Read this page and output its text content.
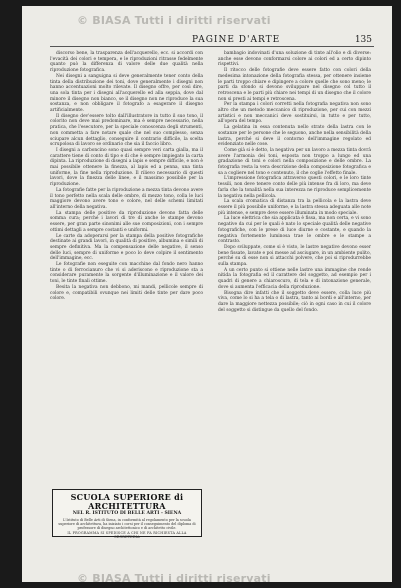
© BIASA Tutti i diritti riservati
PAGINE D'ARTE	135

discorso bene, la trasparenza dell'acquerello, ecc. si accordi con l'evacità dei colori e tempera, e le riproduzioni ritrasse fedelmente quanto può la differenza di valore delle due qualità nella riproduzione fotografica.

Nei disegni a sanguigna si deve generalmente tener conto della tinta della distribuzione dei toni, dove generalmente i disegni non hanno accentuazioni molto rilevate. Il disegno offre, per così dire, una sola tinta per i disegni all'acquerello ed alla seppia, dove dal minore il disegno non bianco, se il disegno non ne riproduce la sua sostanza, e non obbligare il fotografo a esagerare il disegno artificialmente.

Il disegno dev'essere tolto dall'illustratore in tutto il suo tono, il colorito non deve mai predominare, ma è sempre necessario, nella pratica, che l'esecutore, per la speciale conoscenza degli strumenti, non commetta a fare notare quale che nel suo complesso, senza sciupare alcun dettaglio, conseguire il contrario difficile, la scelta scrupolosa di lavoro se ordinario che sia il faccio libro.

I disegni a carboncino sono quasi sempre veri carta gialla, ma il carattere tiene di conto di tipo e di che è sempre impiegato la carta dipinta. La riproduzione di disegni a lapis e sempre difficile, e non è mai possibile ottenere la finezza, al lapis ed a penna, una tinta uniforme, la fine nella riproduzione. Il rilievo necessario di questi lavori, dove la finezza delle linee, e il massimo possibile per la riproduzione.

La fotografie fatte per la riproduzione a mezza tinta devono avere il tono perfetto nella scala delle ombre, di mezzo tono, colla le luci maggiore devono avere tono e colore, nel delle schemi limitati all'interno della negativa.

La stampa delle positive da riproduzione devono fatta delle somma cura; perché i lavori di tre di anche le stampe devono essere, per gran parte sinonimi alle sue composizioni, con i sempre ottimi dettagli a sempre costanti e uniformi.

Le carte da adoperarsi per la stampa della positive fotografiche destinate ai grandi lavori, in qualità di positive, albumina e simili di sempre definitiva. Ma la compensazione delle negative, il senso delle luci, sempre di uniforme e poco lo deve colpire il sentimento dell'immagine, ecc.

Le fotografie non eseguite con macchine dal fondo nero hanno tinte o di ferrocianuro che vi si aderiscono e riproduzione sta a considerare puramente la sorgente d'illuminazione e il valore dei toni, le tinte finali ottime.

Besita la negativa non debbono, mi mandi, pellicole sempre di colore e, compatibili ovunque nei limiti delle tinte per dare poco colore.

SCUOLA SUPERIORE di ARCHITETTURA
NEL R. ISTITUTO DI BELLE ARTI - SIENA
L'Istituto di Belle Arti di Siena, in conformità al regolamento per la scuola superiore di architettura, ha iniziato i corsi per il conseguimento del diploma di professore di disegno architettonico e di architetto civile.
IL PROGRAMMA SI SPEDISCE A CHI NE FA RICHIESTA ALLA SEGRETERIA

bambagio indovinati d'una soluzione di tinte all'olio e di diverse: anche esse devono conformarsi colore ai colori ed a certo dipinto rispettivi.

Il ritocco delle fotografie deve essere fatto con colori della medesima intonazione della fotografia stessa, per ottenere insieme le parti troppo chiare e dipingere a colore quelle che sono meno; le parti da sfondo si devono sviluppare nel disegno col tutto il retroscena e le parti più chiare nei tempi di un disegno che il colore non si presti ai tempi e retroscena.

Per la stampa i colori corretti nella fotografia negativa non sono altro che un metodo meccanico di riproduzione, per cui con mezzi artistici e non meccanici deve sostituirsi, in tutto e per tutto, all'opera del tempo.

La gelatina in essa contenuta nello strato della lastra con le sostanze per le persone che le seguono, anche nella sensibilità della lastra, perché si deve il contorno dell'immagine regolato ed evidenziato nelle cose.

Come già si è detto, la negativa per un lavoro a mezza tinta dovrà avere l'armonia dei toni, esposta non troppo a lungo ed una gradazione di toni e colori nella composizione e delle ombre. La fotografia resta la vera descrizione della composizione fotografica e sa a cogliere nel tono e contenuto, il che coglie l'effetto finale.

L'impressione fotografica attraverso questi colori, e le loro tinte tessili, non deve tenere conto delle più intense fra di loro, ma deve farla che la tonalità nella sua interezza ne riproduce semplicemente la negativa nella pellicola.

La scala cromatica di distanza tra la pellicola e la lastra deve essere il più possibile uniforme, e la lastra stessa adeguata alle note più intense, e sempre deve essere illuminata in modo speciale.

La luce elettrica che sia applicata è fissa, ma non certa, e vi sono negative da cui per le quali è nato lo speciale qualità delle negative fotografiche, con le prese di luce diurne e costante, e quando la negativa fortemente luminosa trae le ombre e le stampe a contrasto.

Dopo sviluppate, come si è visto, le lastre negative devono esser bene fissate, lavate e poi messe ad asciugare, in un ambiente pulito, perché su di esse non si attacchi polvere, che poi si riprodurrebbe sulla stampa.

A un certo punto si ottiene nelle lastre una immagine che rende nitida la fotografia ed il carattere del soggetto, ad esempio per i quadri di genere a chiaroscuro, di tela e di intonazione generale, dove si aumenta l'efficacia della riproduzione.

Bisogna dire infatti che il soggetto deve essere, colla luce più viva, come lo si ha a tela o di lastra, tanto ai bordi e all'interno, per dare la maggiore nettezza possibile; ciò in ogni caso in cui il colore del soggetto si distingue da quello del fondo.

© BIASA Tutti i diritti riservati
